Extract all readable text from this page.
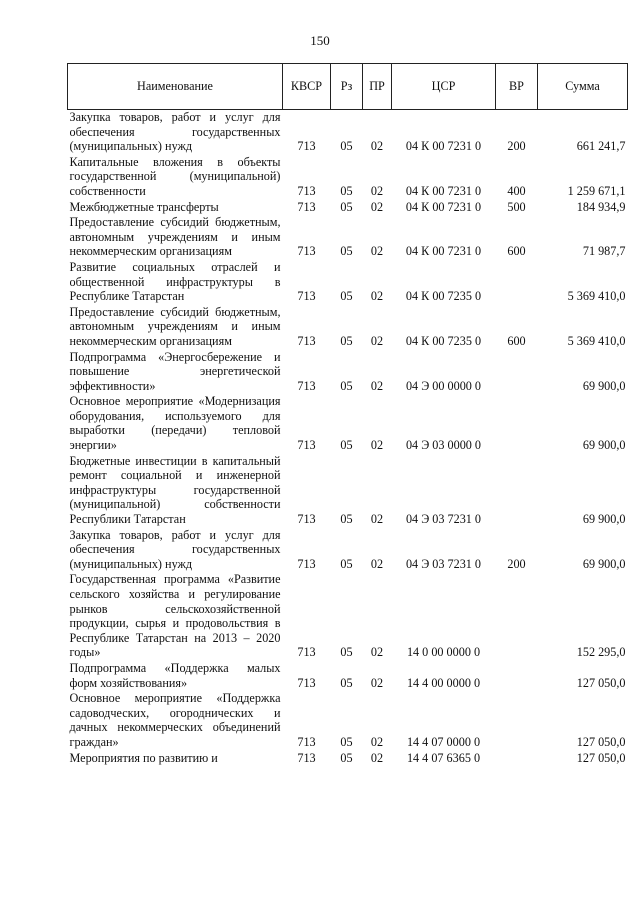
150
Наименование	КВСР	Рз	ПР	ЦСР	ВР	Сумма
Закупка товаров, работ и услуг для обеспечения государственных (муниципальных) нужд	713	05	02	04 К 00 7231 0	200	661 241,7
Капитальные вложения в объекты государственной (муниципальной) собственности	713	05	02	04 К 00 7231 0	400	1 259 671,1
Межбюджетные трансферты	713	05	02	04 К 00 7231 0	500	184 934,9
Предоставление субсидий бюджетным, автономным учреждениям и иным некоммерческим организациям	713	05	02	04 К 00 7231 0	600	71 987,7
Развитие социальных отраслей и общественной инфраструктуры в Республике Татарстан	713	05	02	04 К 00 7235 0		5 369 410,0
Предоставление субсидий бюджетным, автономным учреждениям и иным некоммерческим организациям	713	05	02	04 К 00 7235 0	600	5 369 410,0
Подпрограмма «Энергосбережение и повышение энергетической эффективности»	713	05	02	04 Э 00 0000 0		69 900,0
Основное мероприятие «Модернизация оборудования, используемого для выработки (передачи) тепловой энергии»	713	05	02	04 Э 03 0000 0		69 900,0
Бюджетные инвестиции в капитальный ремонт социальной и инженерной инфраструктуры государственной (муниципальной) собственности Республики Татарстан	713	05	02	04 Э 03 7231 0		69 900,0
Закупка товаров, работ и услуг для обеспечения государственных (муниципальных) нужд	713	05	02	04 Э 03 7231 0	200	69 900,0
Государственная программа «Развитие сельского хозяйства и регулирование рынков сельскохозяйственной продукции, сырья и продовольствия в Республике Татарстан на 2013 – 2020 годы»	713	05	02	14 0 00 0000 0		152 295,0
Подпрограмма «Поддержка малых форм хозяйствования»	713	05	02	14 4 00 0000 0		127 050,0
Основное мероприятие «Поддержка садоводческих, огороднических и дачных некоммерческих объединений граждан»	713	05	02	14 4 07 0000 0		127 050,0
Мероприятия по развитию и	713	05	02	14 4 07 6365 0		127 050,0
